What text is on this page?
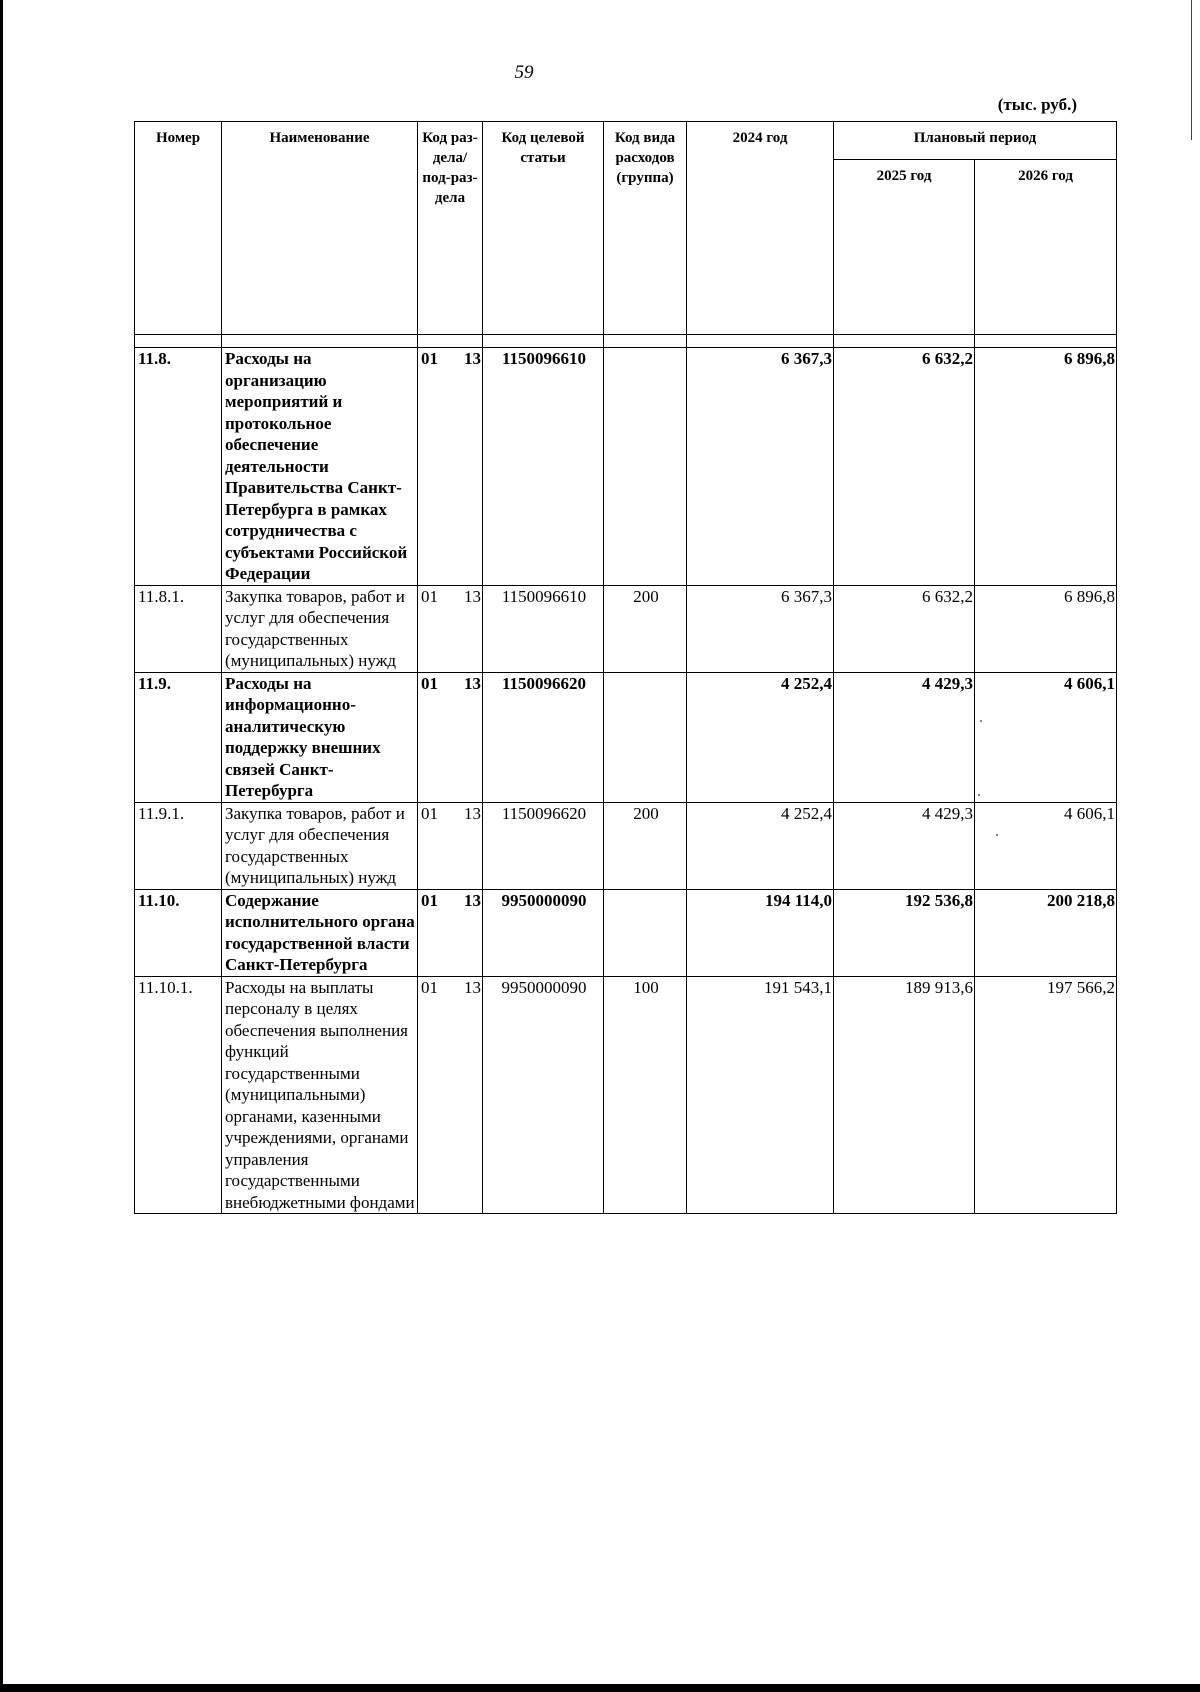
59
(тыс. руб.)
Номер	Наименование	Код раз-дела/ под-раз-дела	Код целевой статьи	Код вида расходов (группа)	2024 год	Плановый период	
						2025 год	2026 год

11.8.	Расходы на организацию мероприятий и протокольное обеспечение деятельности Правительства Санкт-Петербурга в рамках сотрудничества с субъектами Российской Федерации	01 13	1150096610		6 367,3	6 632,2	6 896,8
11.8.1.	Закупка товаров, работ и услуг для обеспечения государственных (муниципальных) нужд	01 13	1150096610	200	6 367,3	6 632,2	6 896,8
11.9.	Расходы на информационно-аналитическую поддержку внешних связей Санкт-Петербурга	01 13	1150096620		4 252,4	4 429,3	4 606,1
11.9.1.	Закупка товаров, работ и услуг для обеспечения государственных (муниципальных) нужд	01 13	1150096620	200	4 252,4	4 429,3	4 606,1
11.10.	Содержание исполнительного органа государственной власти Санкт-Петербурга	01 13	9950000090		194 114,0	192 536,8	200 218,8
11.10.1.	Расходы на выплаты персоналу в целях обеспечения выполнения функций государственными (муниципальными) органами, казенными учреждениями, органами управления государственными внебюджетными фондами	01 13	9950000090	100	191 543,1	189 913,6	197 566,2
